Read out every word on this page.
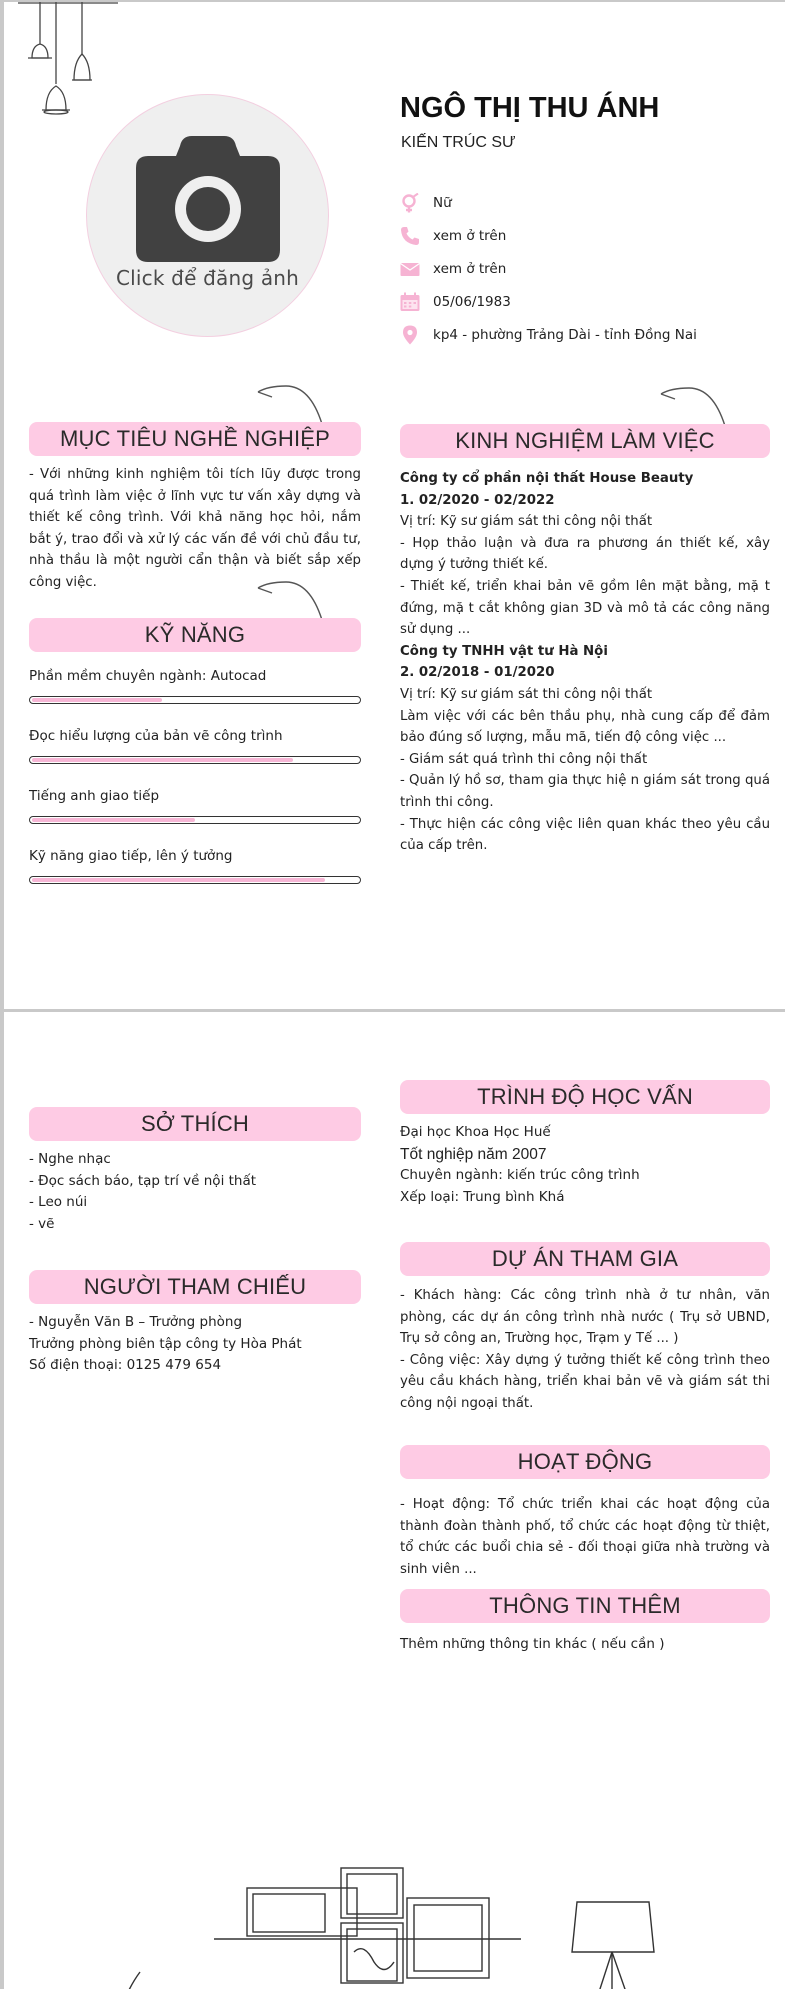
Click để đăng ảnh
NGÔ THỊ THU ÁNH
KIẾN TRÚC SƯ
Nữ
xem ở trên
xem ở trên
05/06/1983
kp4 - phường Trảng Dài - tỉnh Đồng Nai
MỤC TIÊU NGHỀ NGHIỆP
- Với những kinh nghiệm tôi tích lũy được trong quá trình làm việc ở lĩnh vực tư vấn xây dựng và thiết kế công trình. Với khả năng học hỏi, nắm bắt ý, trao đổi và xử lý các vấn đề với chủ đầu tư, nhà thầu là một người cẩn thận và biết sắp xếp công việc.
KỸ NĂNG
Phần mềm chuyên ngành: Autocad
Đọc hiểu lượng của bản vẽ công trình
Tiếng anh giao tiếp
Kỹ năng giao tiếp, lên ý tưởng
KINH NGHIỆM LÀM VIỆC

Công ty cổ phần nội thất House Beauty

1. 02/2020 - 02/2022

Vị trí: Kỹ sư giám sát thi công nội thất

- Họp thảo luận và đưa ra phương án thiết kế, xây dựng ý tưởng thiết kế.

- Thiết kế, triển khai bản vẽ gồm lên mặt bằng, mặ t đứng, mặ t cắt không gian 3D và mô tả các công năng sử dụng ...

Công ty TNHH vật tư Hà Nội

2. 02/2018 - 01/2020

Vị trí: Kỹ sư giám sát thi công nội thất

Làm việc với các bên thầu phụ, nhà cung cấp để đảm bảo đúng số lượng, mẫu mã, tiến độ công việc ...

- Giám sát quá trình thi công nội thất

- Quản lý hồ sơ, tham gia thực hiệ n giám sát trong quá trình thi công.

- Thực hiện các công việc liên quan khác theo yêu cầu của cấp trên.

SỞ THÍCH
- Nghe nhạc
- Đọc sách báo, tạp trí về nội thất
- Leo núi
- vẽ
NGƯỜI THAM CHIẾU
- Nguyễn Văn B – Trưởng phòng
Trưởng phòng biên tập công ty Hòa Phát
Số điện thoại: 0125 479 654
TRÌNH ĐỘ HỌC VẤN
Đại học Khoa Học Huế
Tốt nghiệp năm 2007
Chuyên ngành: kiến trúc công trình
Xếp loại: Trung bình Khá
DỰ ÁN THAM GIA

- Khách hàng: Các công trình nhà ở tư nhân, văn phòng, các dự án công trình nhà nước ( Trụ sở UBND, Trụ sở công an, Trường học, Trạm y Tế ... )

- Công việc: Xây dựng ý tưởng thiết kế công trình theo yêu cầu khách hàng, triển khai bản vẽ và giám sát thi công nội ngoại thất.

HOẠT ĐỘNG
- Hoạt động: Tổ chức triển khai các hoạt động của thành đoàn thành phố, tổ chức các hoạt động từ thiệt, tổ chức các buổi chia sẻ - đối thoại giữa nhà trường và sinh viên ...
THÔNG TIN THÊM
Thêm những thông tin khác ( nếu cần )
